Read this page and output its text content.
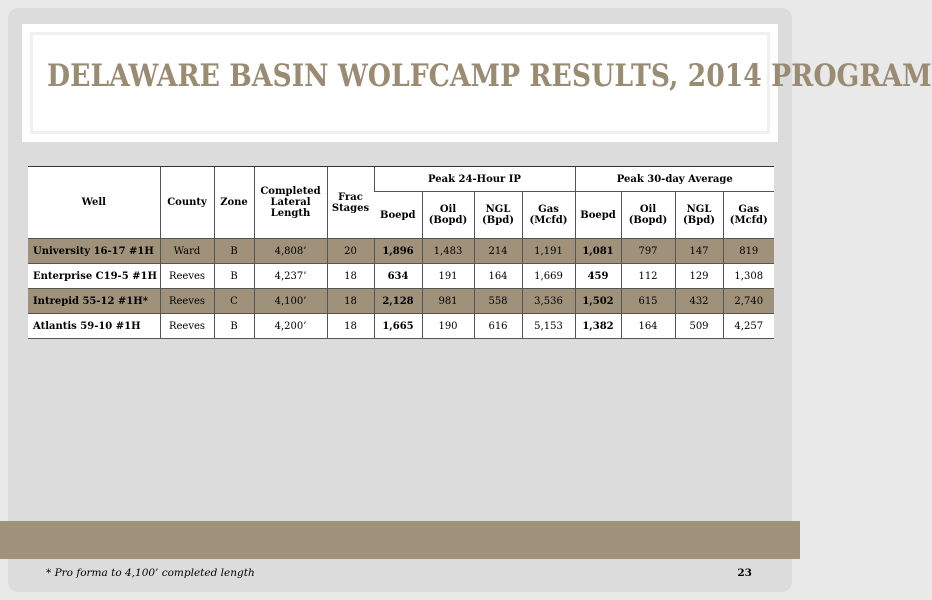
DELAWARE BASIN WOLFCAMP RESULTS, 2014 PROGRAM
Well	County	Zone	Completed Lateral Length	Frac Stages	Peak 24-Hour IP				Peak 30-day Average			
					Boepd	Oil (Bopd)	NGL (Bpd)	Gas (Mcfd)	Boepd	Oil (Bopd)	NGL (Bpd)	Gas (Mcfd)
University 16-17 #1H	Ward	B	4,808’	20	1,896	1,483	214	1,191	1,081	797	147	819
Enterprise C19-5 #1H	Reeves	B	4,237’	18	634	191	164	1,669	459	112	129	1,308
Intrepid 55-12 #1H*	Reeves	C	4,100’	18	2,128	981	558	3,536	1,502	615	432	2,740
Atlantis 59-10 #1H	Reeves	B	4,200’	18	1,665	190	616	5,153	1,382	164	509	4,257
* Pro forma to 4,100’ completed length	23
